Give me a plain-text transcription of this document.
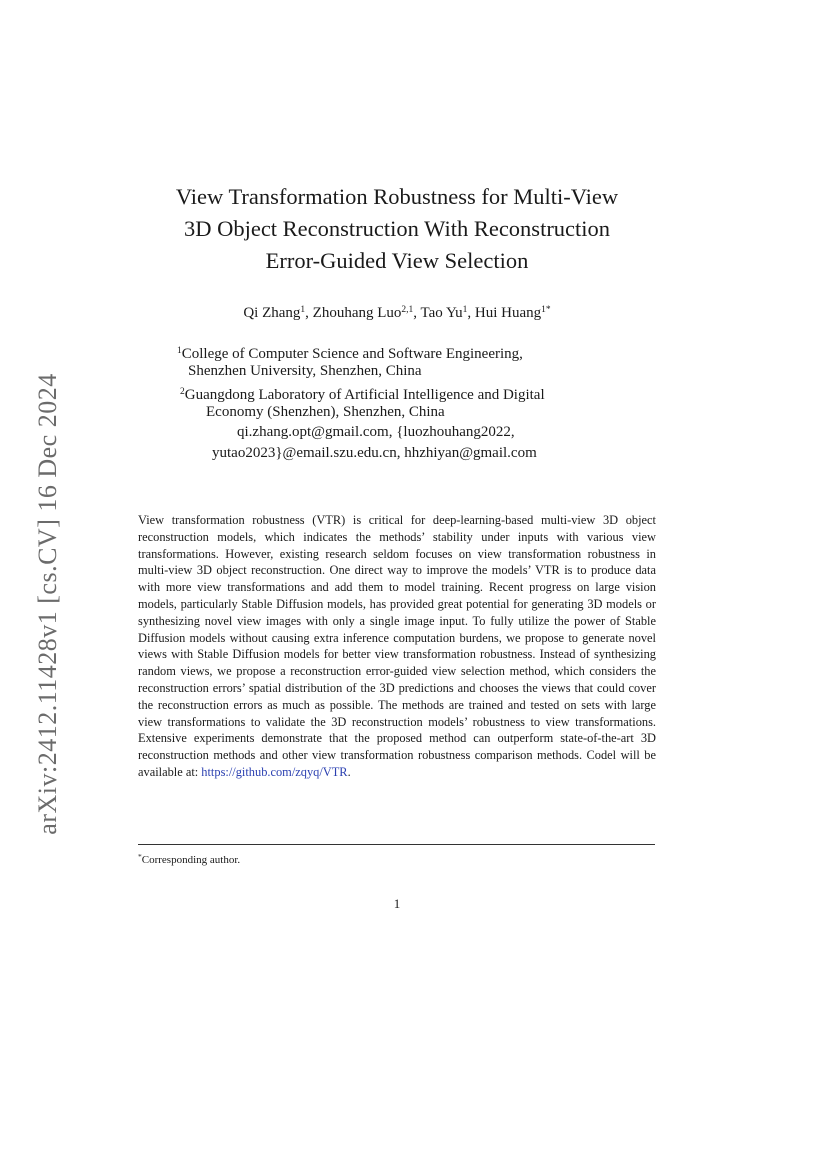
arXiv:2412.11428v1 [cs.CV] 16 Dec 2024
View Transformation Robustness for Multi-View
3D Object Reconstruction With Reconstruction
Error-Guided View Selection
Qi Zhang$^1$, Zhouhang Luo$^{2,1}$, Tao Yu$^1$, Hui Huang$^{1*}$
$^1$College of Computer Science and Software Engineering,
Shenzhen University, Shenzhen, China
$^2$Guangdong Laboratory of Artificial Intelligence and Digital
Economy (Shenzhen), Shenzhen, China
qi.zhang.opt@gmail.com, {luozhouhang2022,
yutao2023}@email.szu.edu.cn, hhzhiyan@gmail.com
View transformation robustness (VTR) is critical for deep-learning-based multi-view 3D object reconstruction models, which indicates the methods’ stability under inputs with various view transformations. However, existing research seldom focuses on view transformation robustness in multi-view 3D object reconstruction. One direct way to improve the models’ VTR is to produce data with more view transformations and add them to model training. Recent progress on large vision models, particularly Stable Diffusion models, has provided great potential for generating 3D models or synthesizing novel view images with only a single image input. To fully utilize the power of Stable Diffusion models without causing extra inference computation burdens, we propose to generate novel views with Stable Diffusion models for better view transformation robustness. Instead of synthesizing random views, we propose a reconstruction error-guided view selection method, which considers the reconstruction errors’ spatial distribution of the 3D predictions and chooses the views that could cover the reconstruction errors as much as possible. The methods are trained and tested on sets with large view transformations to validate the 3D reconstruction models’ robustness to view transformations. Extensive experiments demonstrate that the proposed method can outperform state-of-the-art 3D reconstruction methods and other view transformation robustness comparison methods. Codel will be available at: https://github.com/zqyq/VTR.
*Corresponding author.
1
